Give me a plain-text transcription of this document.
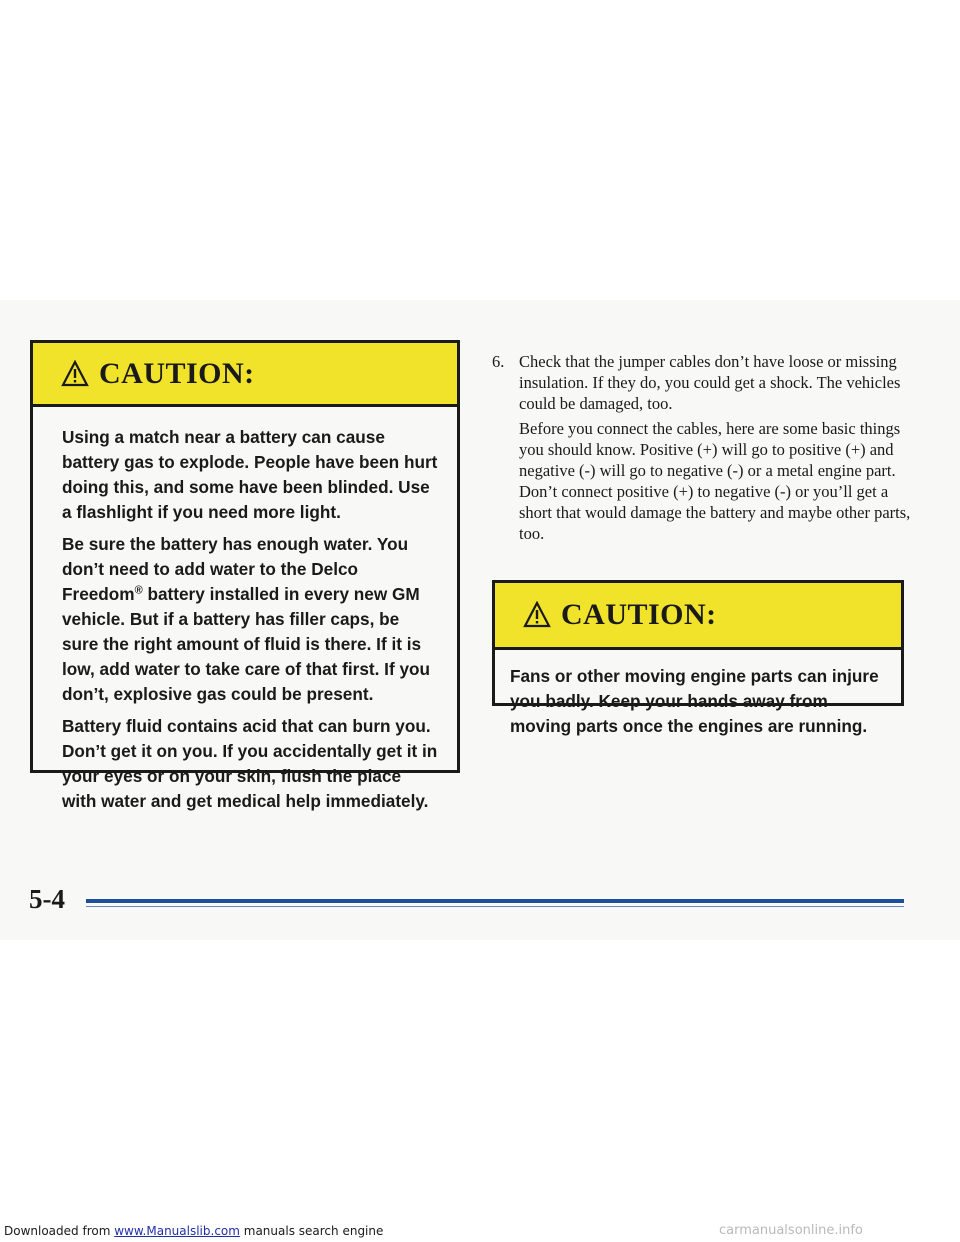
CAUTION:

Using a match near a battery can cause battery gas to explode. People have been hurt doing this, and some have been blinded. Use a flashlight if you need more light.

Be sure the battery has enough water. You don’t need to add water to the Delco Freedom® battery installed in every new GM vehicle. But if a battery has filler caps, be sure the right amount of fluid is there. If it is low, add water to take care of that first. If you don’t, explosive gas could be present.

Battery fluid contains acid that can burn you. Don’t get it on you. If you accidentally get it in your eyes or on your skin, flush the place with water and get medical help immediately.

6. Check that the jumper cables don’t have loose or missing insulation. If they do, you could get a shock. The vehicles could be damaged, too.
Before you connect the cables, here are some basic things you should know. Positive (+) will go to positive (+) and negative (-) will go to negative (-) or a metal engine part. Don’t connect positive (+) to negative (-) or you’ll get a short that would damage the battery and maybe other parts, too.
CAUTION:

Fans or other moving engine parts can injure you badly. Keep your hands away from moving parts once the engines are running.

5-4
Downloaded from www.Manualslib.com manuals search engine	carmanualsonline.info
